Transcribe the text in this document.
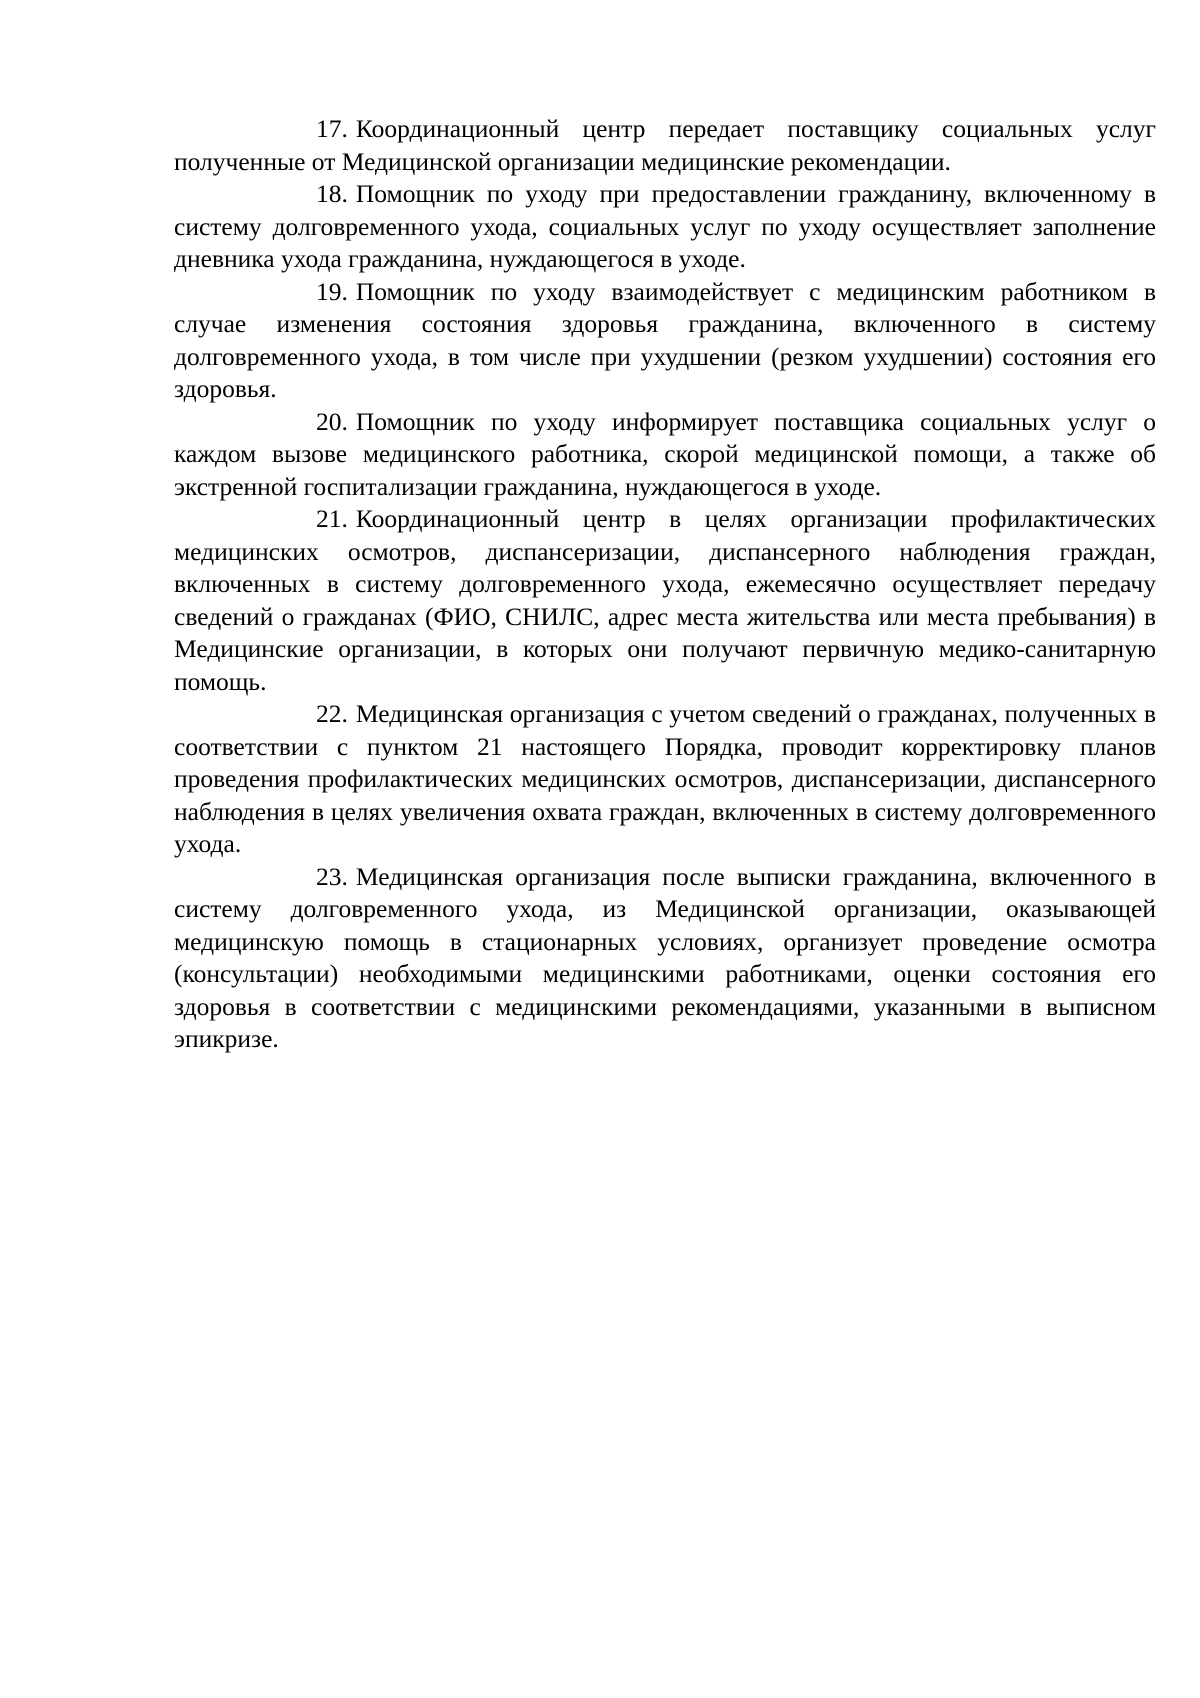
17. Координационный центр передает поставщику социальных услуг полученные от Медицинской организации медицинские рекомендации.

18. Помощник по уходу при предоставлении гражданину, включенному в систему долговременного ухода, социальных услуг по уходу осуществляет заполнение дневника ухода гражданина, нуждающегося в уходе.

19. Помощник по уходу взаимодействует с медицинским работником в случае изменения состояния здоровья гражданина, включенного в систему долговременного ухода, в том числе при ухудшении (резком ухудшении) состояния его здоровья.

20. Помощник по уходу информирует поставщика социальных услуг о каждом вызове медицинского работника, скорой медицинской помощи, а также об экстренной госпитализации гражданина, нуждающегося в уходе.

21. Координационный центр в целях организации профилактических медицинских осмотров, диспансеризации, диспансерного наблюдения граждан, включенных в систему долговременного ухода, ежемесячно осуществляет передачу сведений о гражданах (ФИО, СНИЛС, адрес места жительства или места пребывания) в Медицинские организации, в которых они получают первичную медико-санитарную помощь.

22. Медицинская организация с учетом сведений о гражданах, полученных в соответствии с пунктом 21 настоящего Порядка, проводит корректировку планов проведения профилактических медицинских осмотров, диспансеризации, диспансерного наблюдения в целях увеличения охвата граждан, включенных в систему долговременного ухода.

23. Медицинская организация после выписки гражданина, включенного в систему долговременного ухода, из Медицинской организации, оказывающей медицинскую помощь в стационарных условиях, организует проведение осмотра (консультации) необходимыми медицинскими работниками, оценки состояния его здоровья в соответствии с медицинскими рекомендациями, указанными в выписном эпикризе.
